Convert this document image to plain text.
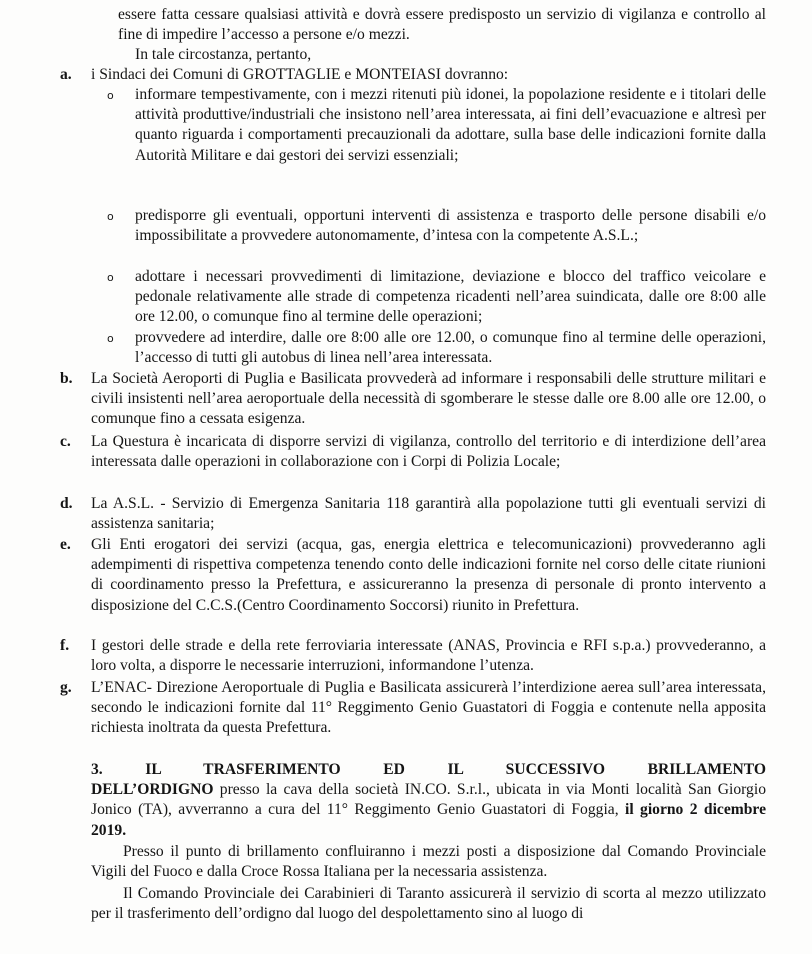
essere fatta cessare qualsiasi attività e dovrà essere predisposto un servizio di vigilanza e controllo al fine di impedire l’accesso a persone e/o mezzi.

In tale circostanza, pertanto,

a. i Sindaci dei Comuni di GROTTAGLIE e MONTEIASI dovranno:

o informare tempestivamente, con i mezzi ritenuti più idonei, la popolazione residente e i titolari delle attività produttive/industriali che insistono nell’area interessata, ai fini dell’evacuazione e altresì per quanto riguarda i comportamenti precauzionali da adottare, sulla base delle indicazioni fornite dalla Autorità Militare e dai gestori dei servizi essenziali;

o predisporre gli eventuali, opportuni interventi di assistenza e trasporto delle persone disabili e/o impossibilitate a provvedere autonomamente, d’intesa con la competente A.S.L.;

o adottare i necessari provvedimenti di limitazione, deviazione e blocco del traffico veicolare e pedonale relativamente alle strade di competenza ricadenti nell’area suindicata, dalle ore 8:00 alle ore 12.00, o comunque fino al termine delle operazioni;

o provvedere ad interdire, dalle ore 8:00 alle ore 12.00, o comunque fino al termine delle operazioni, l’accesso di tutti gli autobus di linea nell’area interessata.

b. La Società Aeroporti di Puglia e Basilicata provvederà ad informare i responsabili delle strutture militari e civili insistenti nell’area aeroportuale della necessità di sgomberare le stesse dalle ore 8.00 alle ore 12.00, o comunque fino a cessata esigenza.

c. La Questura è incaricata di disporre servizi di vigilanza, controllo del territorio e di interdizione dell’area interessata dalle operazioni in collaborazione con i Corpi di Polizia Locale;

d. La A.S.L. - Servizio di Emergenza Sanitaria 118 garantirà alla popolazione tutti gli eventuali servizi di assistenza sanitaria;

e. Gli Enti erogatori dei servizi (acqua, gas, energia elettrica e telecomunicazioni) provvederanno agli adempimenti di rispettiva competenza tenendo conto delle indicazioni fornite nel corso delle citate riunioni di coordinamento presso la Prefettura, e assicureranno la presenza di personale di pronto intervento a disposizione del C.C.S.(Centro Coordinamento Soccorsi) riunito in Prefettura.

f. I gestori delle strade e della rete ferroviaria interessate (ANAS, Provincia e RFI s.p.a.) provvederanno, a loro volta, a disporre le necessarie interruzioni, informandone l’utenza.

g. L’ENAC- Direzione Aeroportuale di Puglia e Basilicata assicurerà l’interdizione aerea sull’area interessata, secondo le indicazioni fornite dal 11° Reggimento Genio Guastatori di Foggia e contenute nella apposita richiesta inoltrata da questa Prefettura.

3. IL TRASFERIMENTO ED IL SUCCESSIVO BRILLAMENTO DELL’ORDIGNO presso la cava della società IN.CO. S.r.l., ubicata in via Monti località San Giorgio Jonico (TA), avverranno a cura del 11° Reggimento Genio Guastatori di Foggia, il giorno 2 dicembre 2019.

Presso il punto di brillamento confluiranno i mezzi posti a disposizione dal Comando Provinciale Vigili del Fuoco e dalla Croce Rossa Italiana per la necessaria assistenza.

Il Comando Provinciale dei Carabinieri di Taranto assicurerà il servizio di scorta al mezzo utilizzato per il trasferimento dell’ordigno dal luogo del despolettamento sino al luogo di
